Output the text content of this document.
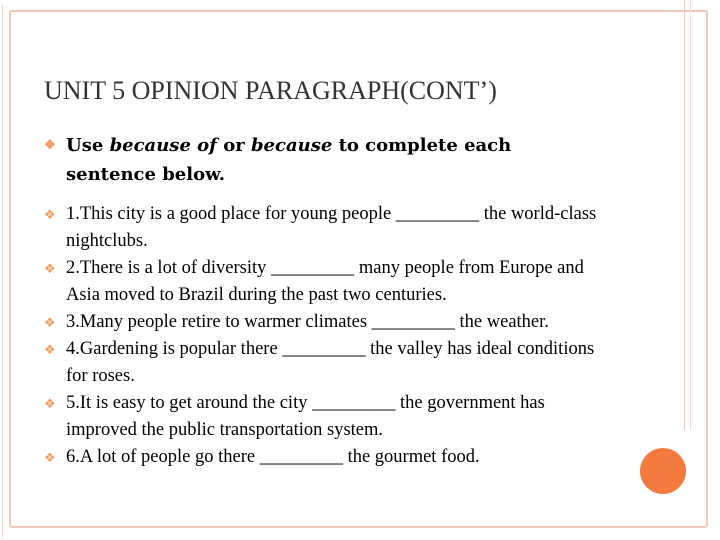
UNIT 5 OPINION PARAGRAPH(CONT’)
❖ Use because of or because to complete each sentence below.
❖ 1.This city is a good place for young people _________ the world-class nightclubs.
❖ 2.There is a lot of diversity _________ many people from Europe and Asia moved to Brazil during the past two centuries.
❖ 3.Many people retire to warmer climates _________ the weather.
❖ 4.Gardening is popular there _________ the valley has ideal conditions for roses.
❖ 5.It is easy to get around the city _________ the government has improved the public transportation system.
❖ 6.A lot of people go there _________ the gourmet food.
